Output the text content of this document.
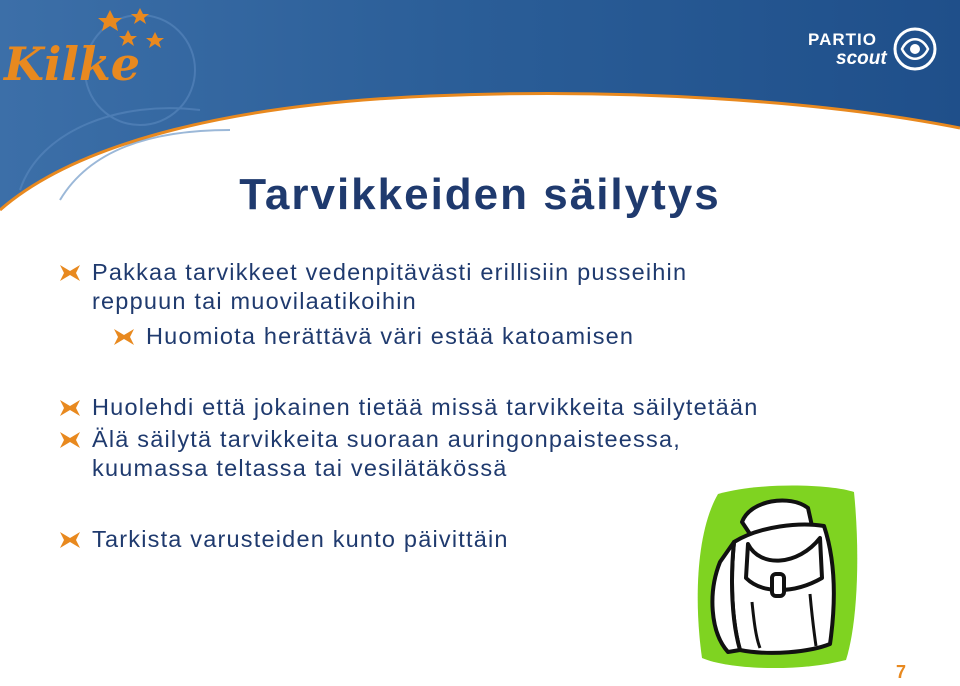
Kilke	PARTIO
scout
Tarvikkeiden säilytys
Pakkaa tarvikkeet vedenpitävästi erillisiin pusseihin
reppuun tai muovilaatikoihin
Huomiota herättävä väri estää katoamisen
Huolehdi että jokainen tietää missä tarvikkeita säilytetään
Älä säilytä tarvikkeita suoraan auringonpaisteessa,
kuumassa teltassa tai vesilätäkössä
Tarkista varusteiden kunto päivittäin
7
